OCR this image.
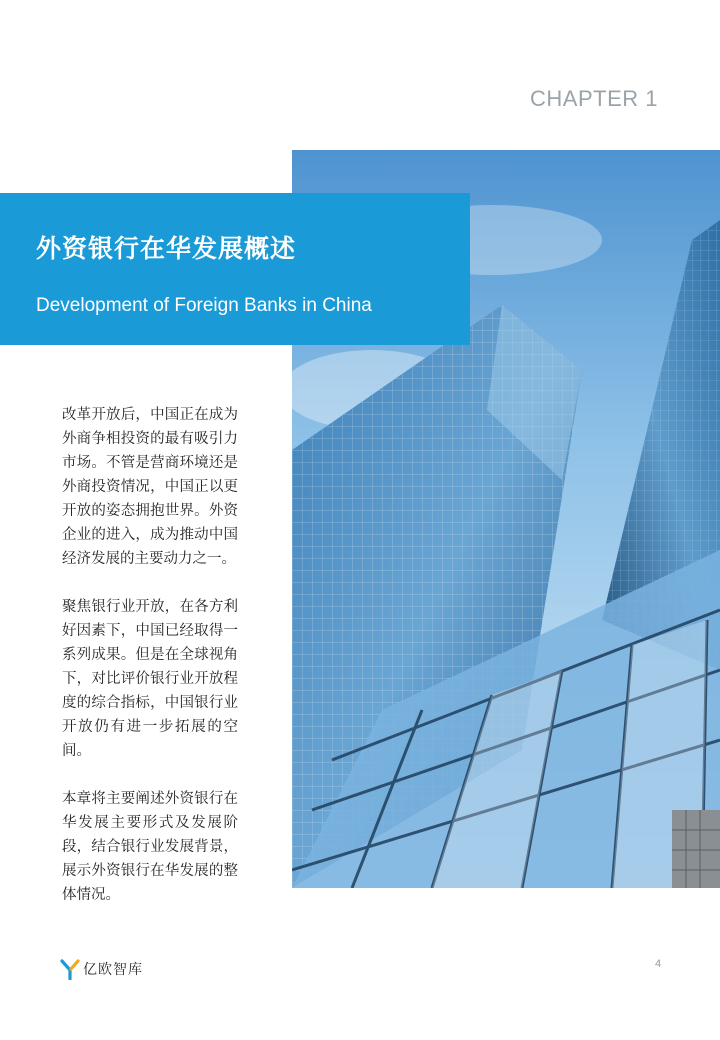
CHAPTER 1
外资银行在华发展概述
Development of Foreign Banks in China

改革开放后，中国正在成为外商争相投资的最有吸引力市场。不管是营商环境还是外商投资情况，中国正以更开放的姿态拥抱世界。外资企业的进入，成为推动中国经济发展的主要动力之一。

聚焦银行业开放，在各方利好因素下，中国已经取得一系列成果。但是在全球视角下，对比评价银行业开放程度的综合指标，中国银行业开放仍有进一步拓展的空间。

本章将主要阐述外资银行在华发展主要形式及发展阶段，结合银行业发展背景，展示外资银行在华发展的整体情况。

亿欧智库	4
